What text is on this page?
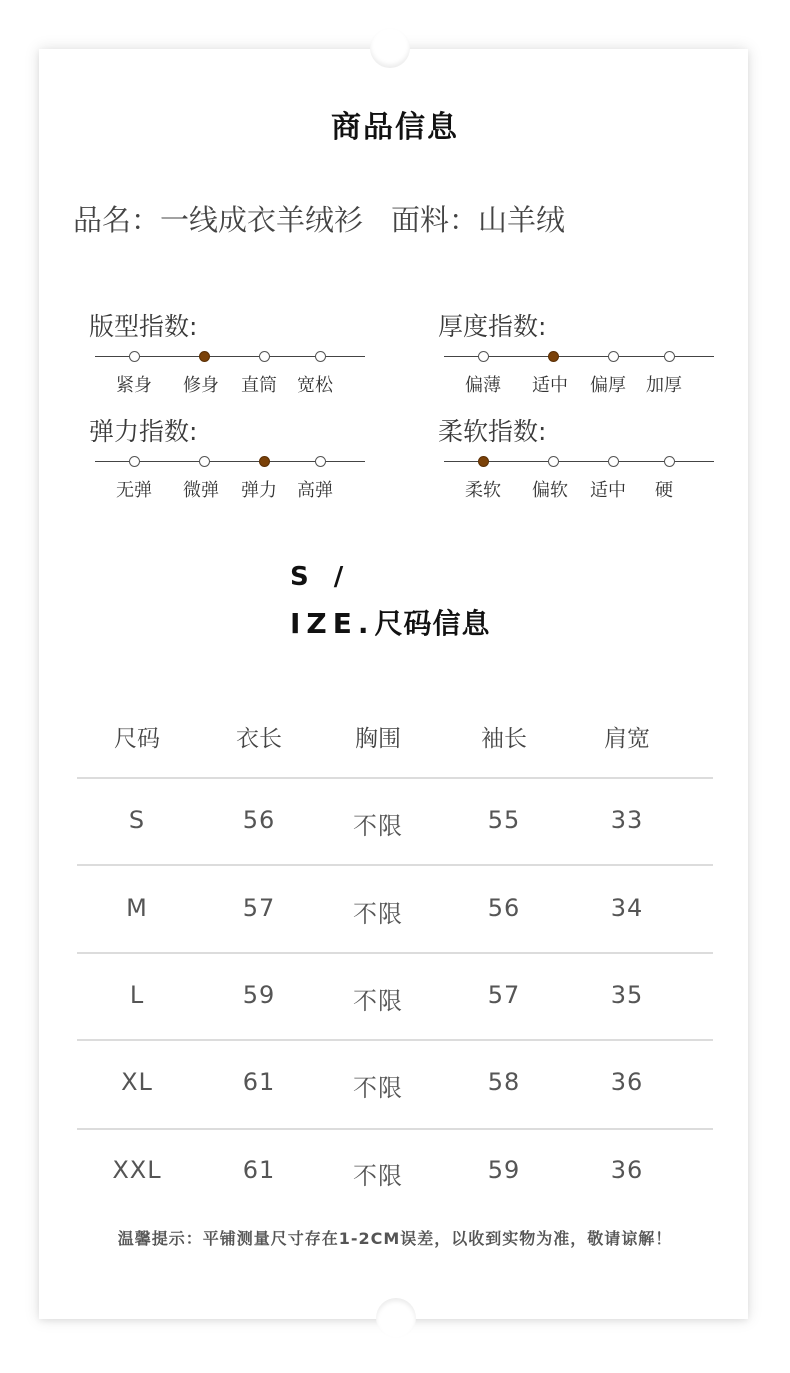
商品信息
品名：一线成衣羊绒衫 面料：山羊绒
版型指数:
紧身	修身	直筒	宽松
厚度指数:
偏薄	适中	偏厚	加厚
弹力指数:
无弹	微弹	弹力	高弹
柔软指数:
柔软	偏软	适中	硬
S /
IZE.尺码信息
尺码	衣长	胸围	袖长	肩宽
S	56	不限	55	33
M	57	不限	56	34
L	59	不限	57	35
XL	61	不限	58	36
XXL	61	不限	59	36
温馨提示：平铺测量尺寸存在1-2CM误差，以收到实物为准，敬请谅解！
